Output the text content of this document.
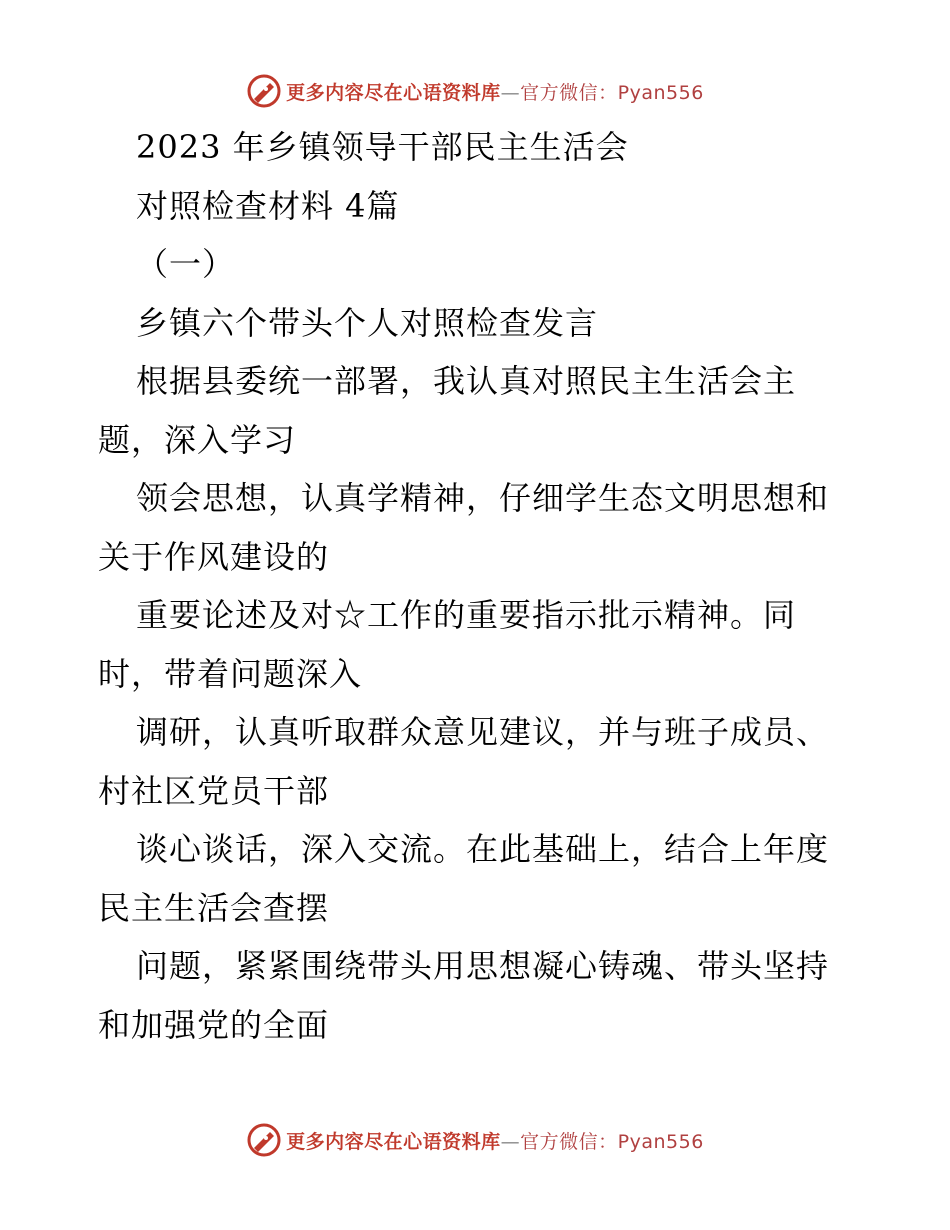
更多内容尽在心语资料库—官方微信：Pyan556
2023 年乡镇领导干部民主生活会
对照检查材料 4篇
（一）
乡镇六个带头个人对照检查发言
根据县委统一部署，我认真对照民主生活会主
题，深入学习
领会思想，认真学精神，仔细学生态文明思想和
关于作风建设的
重要论述及对☆工作的重要指示批示精神。同
时，带着问题深入
调研，认真听取群众意见建议，并与班子成员、
村社区党员干部
谈心谈话，深入交流。在此基础上，结合上年度
民主生活会查摆
问题，紧紧围绕带头用思想凝心铸魂、带头坚持
和加强党的全面
更多内容尽在心语资料库—官方微信：Pyan556
